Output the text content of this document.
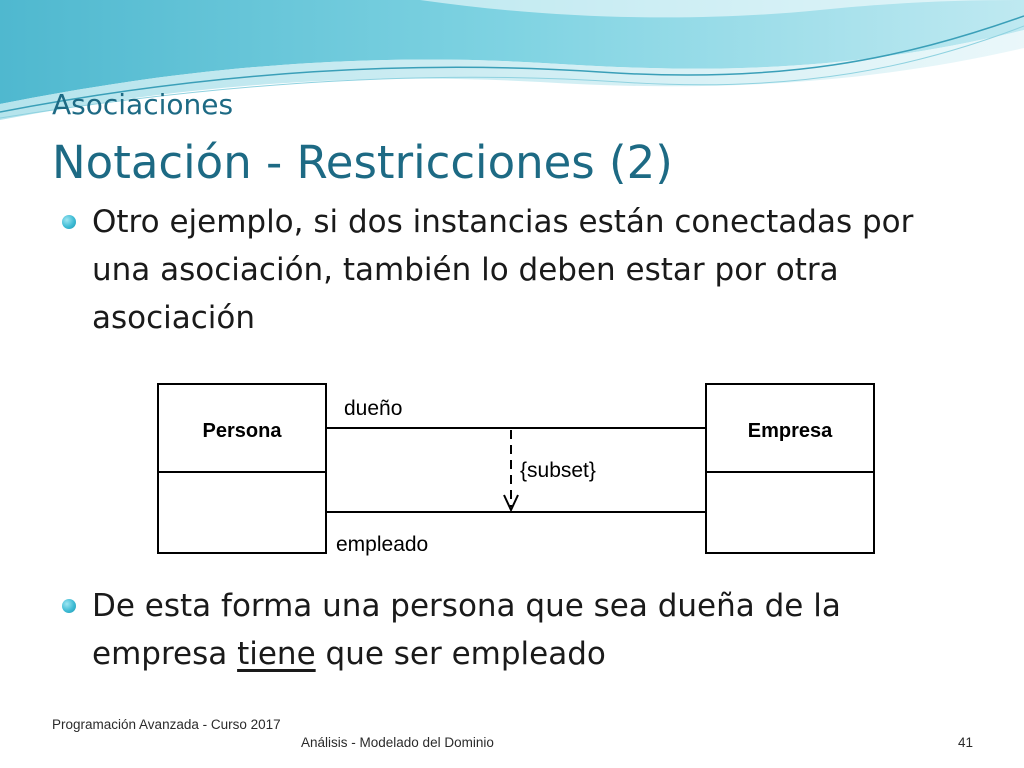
Asociaciones
Notación - Restricciones (2)
Otro ejemplo, si dos instancias están conectadas por una asociación, también lo deben estar por otra asociación
Persona	Empresa
dueño
empleado
{subset}
De esta forma una persona que sea dueña de la empresa tiene que ser empleado
Programación Avanzada - Curso 2017
Análisis - Modelado del Dominio	41
